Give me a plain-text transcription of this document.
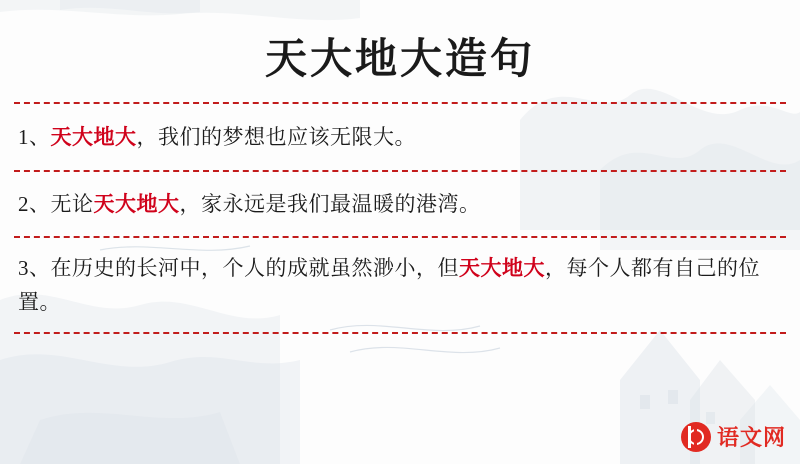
天大地大造句
1、天大地大，我们的梦想也应该无限大。
2、无论天大地大，家永远是我们最温暖的港湾。
3、在历史的长河中，个人的成就虽然渺小，但天大地大，每个人都有自己的位置。
语文网
